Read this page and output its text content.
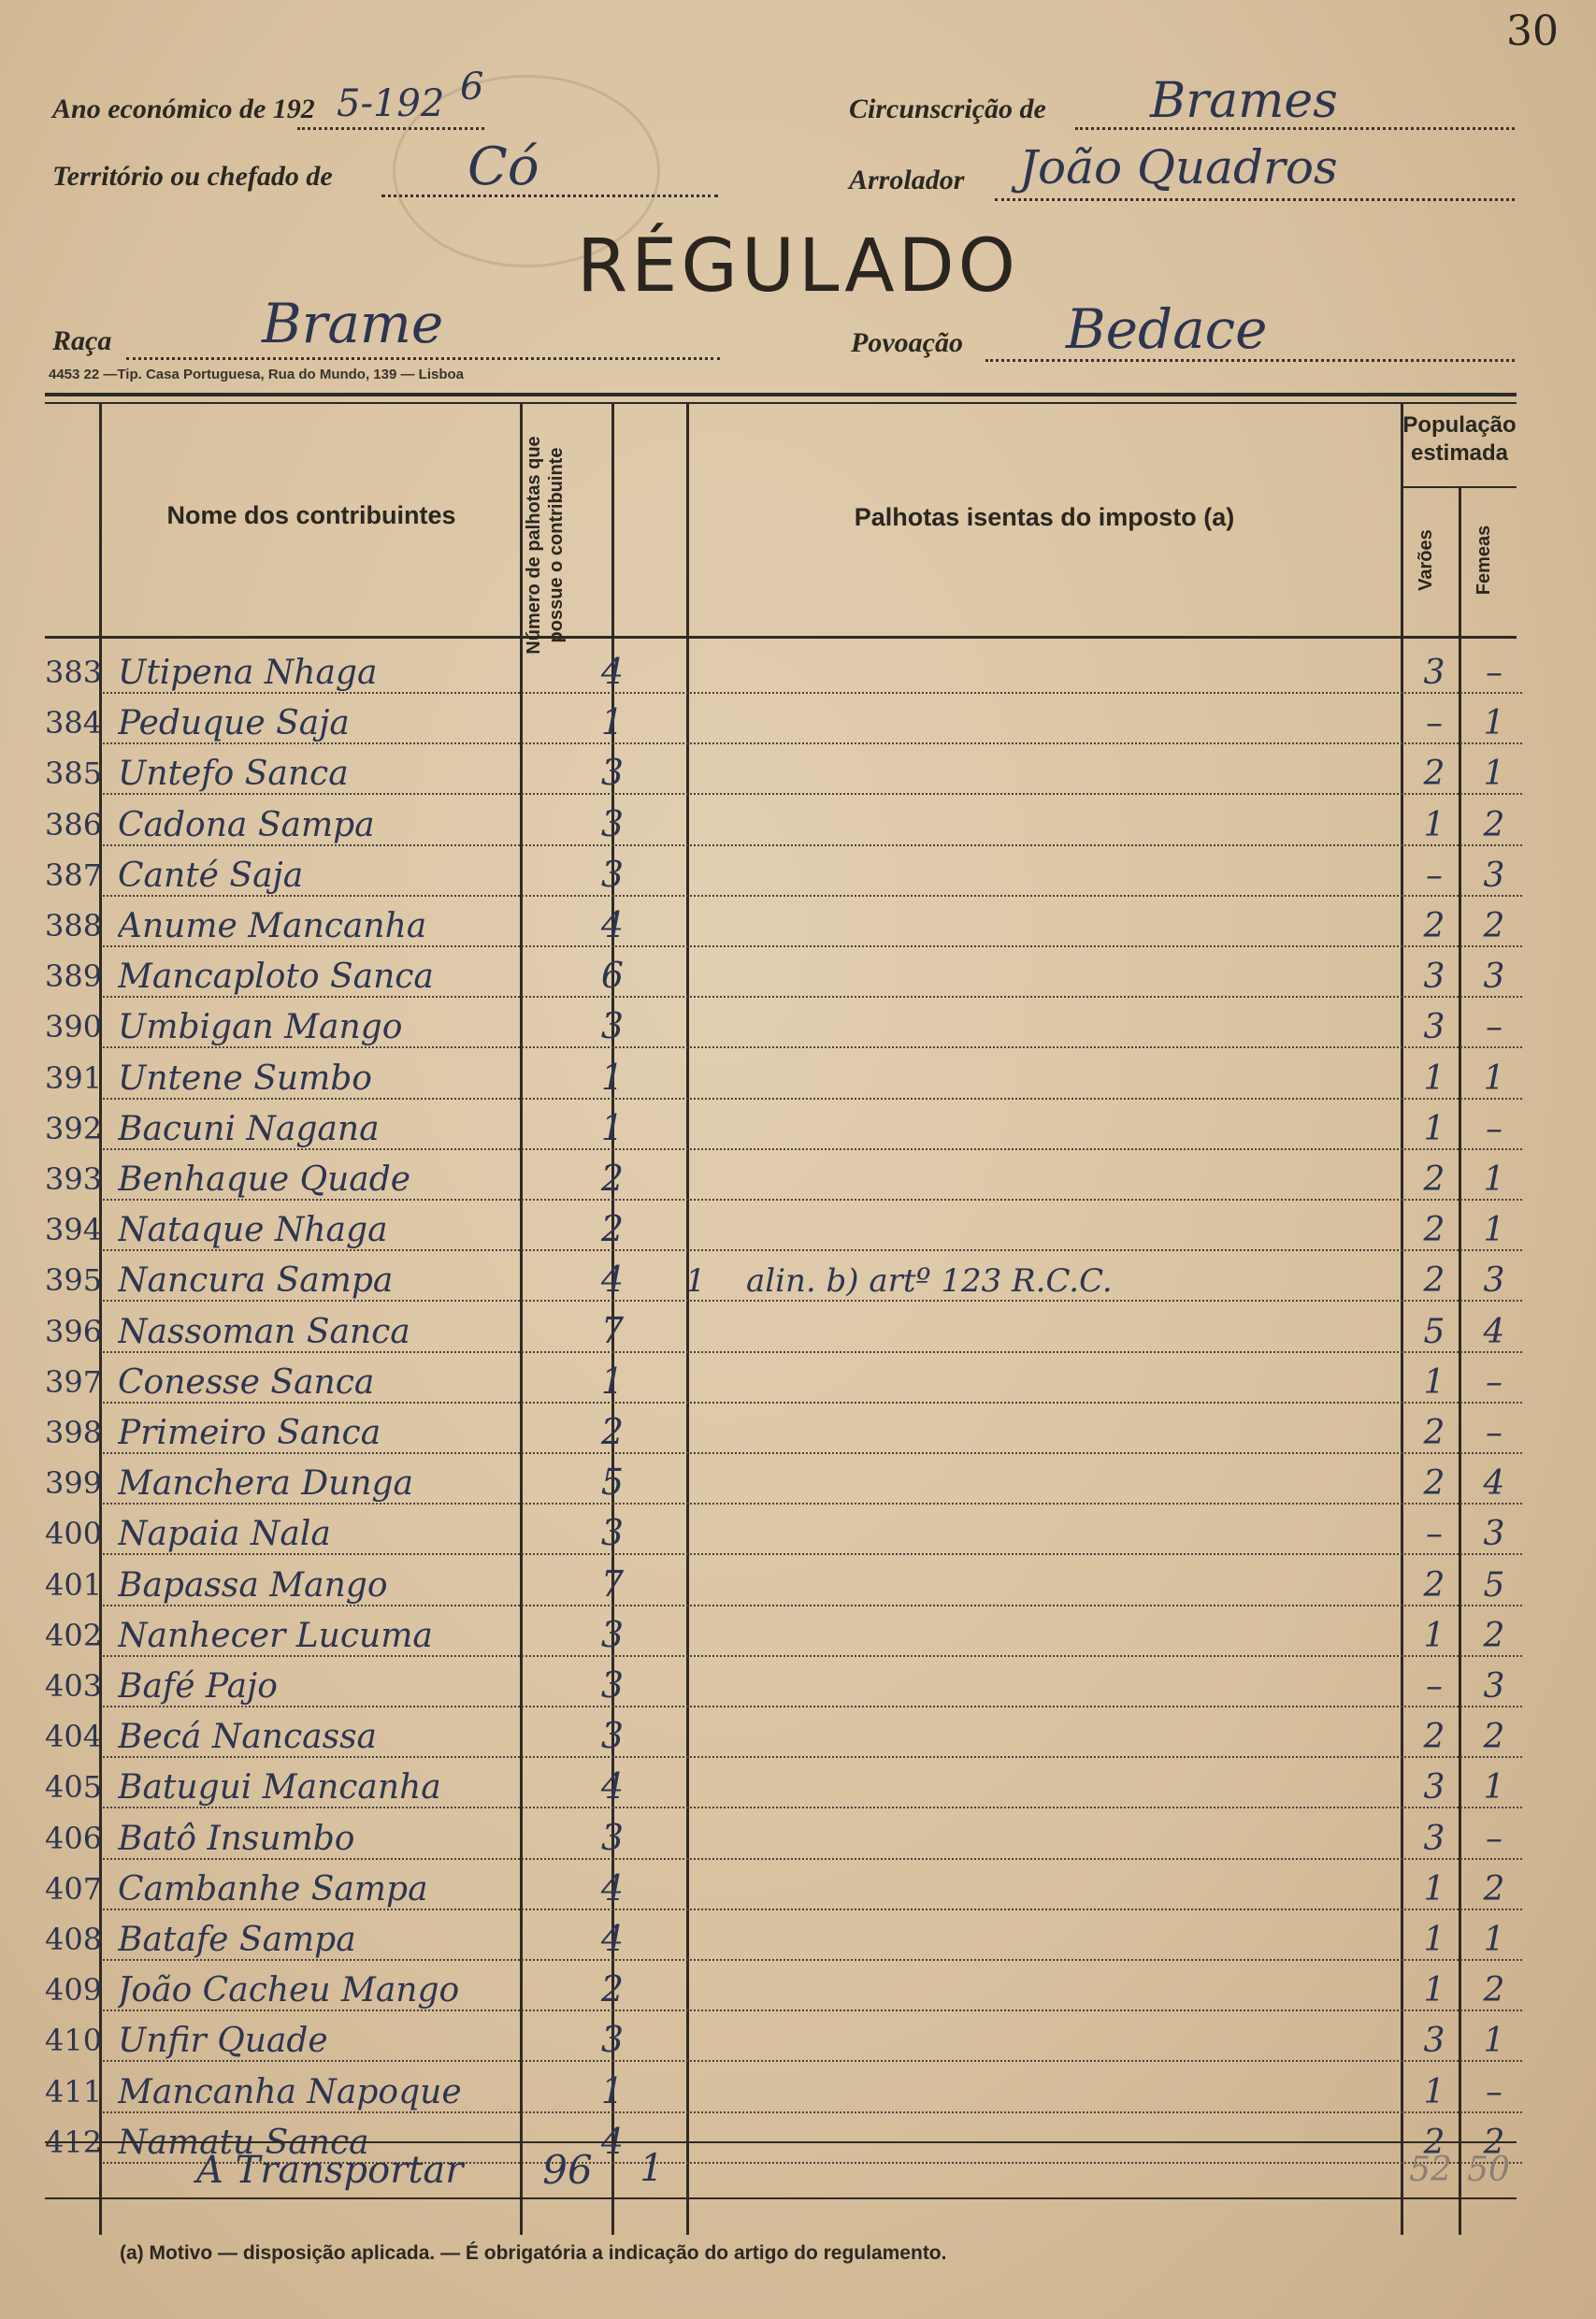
30
Ano económico de 192 5-192 6
Circunscrição de Brames
Território ou chefado de	Có	Arrolador João Quadros
RÉGULADO
Raça	Brame	Povoação Bedace
4453 22 —Tip. Casa Portuguesa, Rua do Mundo, 139 — Lisboa
Nome dos contribuintes	Número de palhotas que possue o contribuinte	Palhotas isentas do imposto (a)
População estimada
Varões	Femeas
383 Utipena Nhaga	4	3	–
384 Peduque Saja	1	–	1
385 Untefo Sanca	3	2	1
386 Cadona Sampa	3	1	2
387 Canté Saja	3	–	3
388 Anume Mancanha	4	2	2
389 Mancaploto Sanca	6	3	3
390 Umbigan Mango	3	3	–
391 Untene Sumbo	1	1	1
392 Bacuni Nagana	1	1	–
393 Benhaque Quade	2	2	1
394 Nataque Nhaga	2	2	1
395 Nancura Sampa	4	1	alin. b) artº 123 R.C.C.	2	3
396 Nassoman Sanca	7	5	4
397 Conesse Sanca	1	1	–
398 Primeiro Sanca	2	2	–
399 Manchera Dunga	5	2	4
400 Napaia Nala	3	–	3
401 Bapassa Mango	7	2	5
402 Nanhecer Lucuma	3	1	2
403 Bafé Pajo	3	–	3
404 Becá Nancassa	3	2	2
405 Batugui Mancanha	4	3	1
406 Batô Insumbo	3	3	–
407 Cambanhe Sampa	4	1	2
408 Batafe Sampa	4	1	1
409 João Cacheu Mango	2	1	2
410 Unfir Quade	3	3	1
411 Mancanha Napoque	1	1	–
412 Namatu Sanca	4	2	2
A Transportar	96	1	52 50
(a) Motivo — disposição aplicada. — É obrigatória a indicação do artigo do regulamento.
